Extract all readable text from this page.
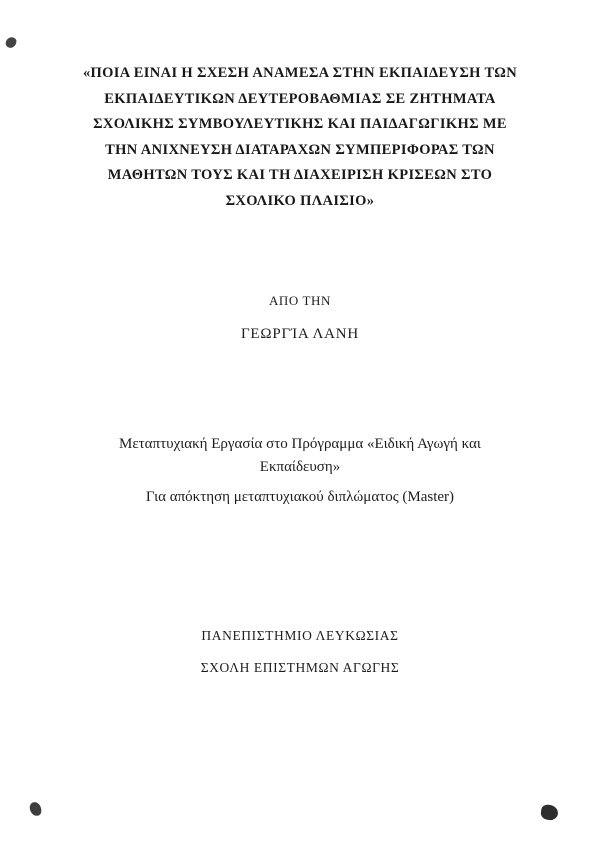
«ΠΟΙΑ ΕΙΝΑΙ Η ΣΧΕΣΗ ΑΝΑΜΕΣΑ ΣΤΗΝ ΕΚΠΑΙΔΕΥΣΗ ΤΩΝ
ΕΚΠΑΙΔΕΥΤΙΚΩΝ ΔΕΥΤΕΡΟΒΑΘΜΙΑΣ ΣΕ ΖΗΤΗΜΑΤΑ
ΣΧΟΛΙΚΗΣ ΣΥΜΒΟΥΛΕΥΤΙΚΗΣ ΚΑΙ ΠΑΙΔΑΓΩΓΙΚΗΣ ΜΕ
ΤΗΝ ΑΝΙΧΝΕΥΣΗ ΔΙΑΤΑΡΑΧΩΝ ΣΥΜΠΕΡΙΦΟΡΑΣ ΤΩΝ
ΜΑΘΗΤΩΝ ΤΟΥΣ ΚΑΙ ΤΗ ΔΙΑΧΕΙΡΙΣΗ ΚΡΙΣΕΩΝ ΣΤΟ
ΣΧΟΛΙΚΟ ΠΛΑΙΣΙΟ»
ΑΠΟ ΤΗΝ
ΓΕΩΡΓΊΑ ΛΑΝΗ
Μεταπτυχιακή Εργασία στο Πρόγραμμα «Ειδική Αγωγή και
Εκπαίδευση»
Για απόκτηση μεταπτυχιακού διπλώματος (Master)
ΠΑΝΕΠΙΣΤΗΜΙΟ ΛΕΥΚΩΣΙΑΣ
ΣΧΟΛΗ ΕΠΙΣΤΗΜΩΝ ΑΓΩΓΗΣ
